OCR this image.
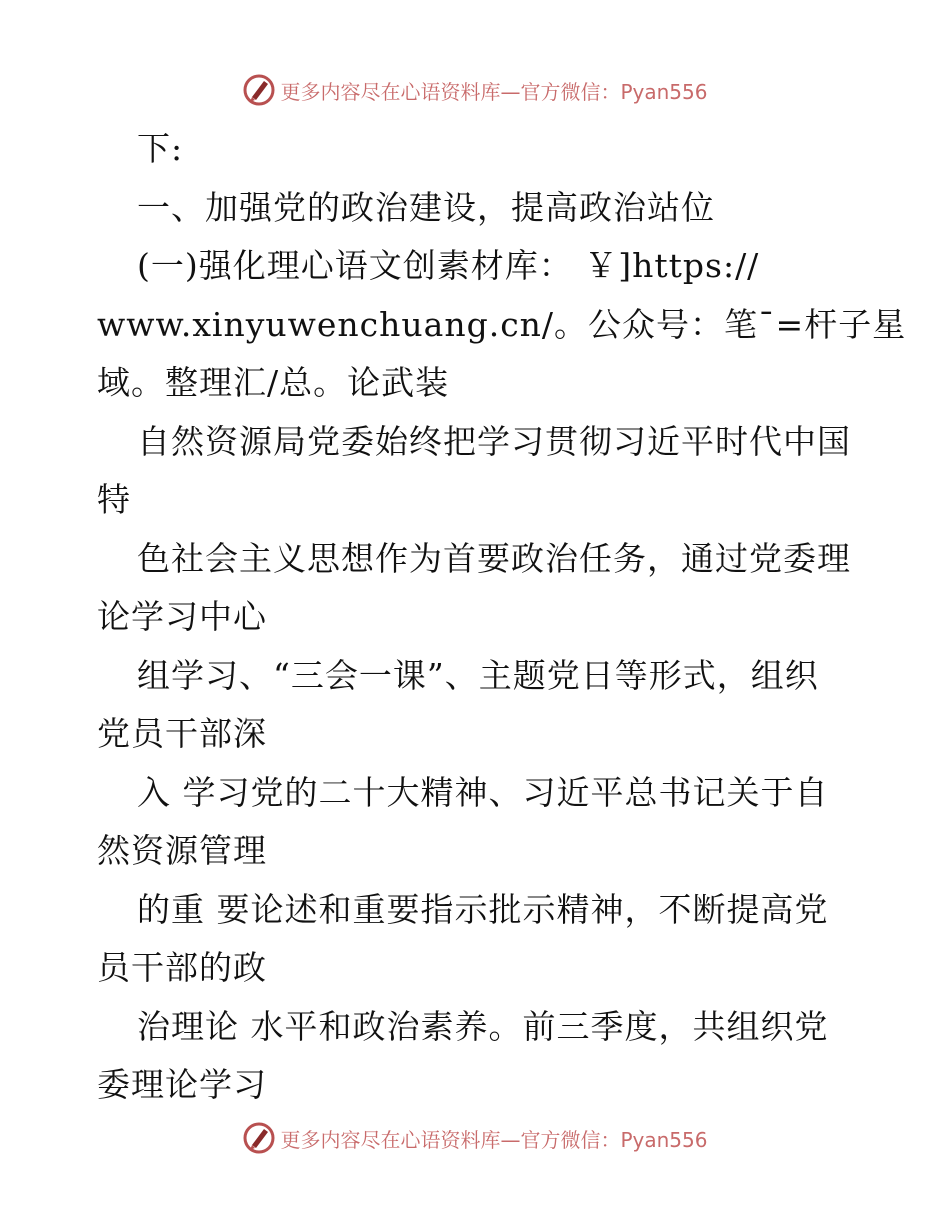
更多内容尽在心语资料库—官方微信：Pyan556
下:
一、加强党的政治建设，提高政治站位
(一)强化理心语文创素材库： ￥]https://
www.xinyuwenchuang.cn/。公众号：笔¯=杆子星
域。整理汇/总。论武装
自然资源局党委始终把学习贯彻习近平时代中国
特
色社会主义思想作为首要政治任务，通过党委理
论学习中心
组学习、“三会一课”、主题党日等形式，组织
党员干部深
入 学习党的二十大精神、习近平总书记关于自
然资源管理
的重 要论述和重要指示批示精神，不断提高党
员干部的政
治理论 水平和政治素养。前三季度，共组织党
委理论学习
更多内容尽在心语资料库—官方微信：Pyan556
